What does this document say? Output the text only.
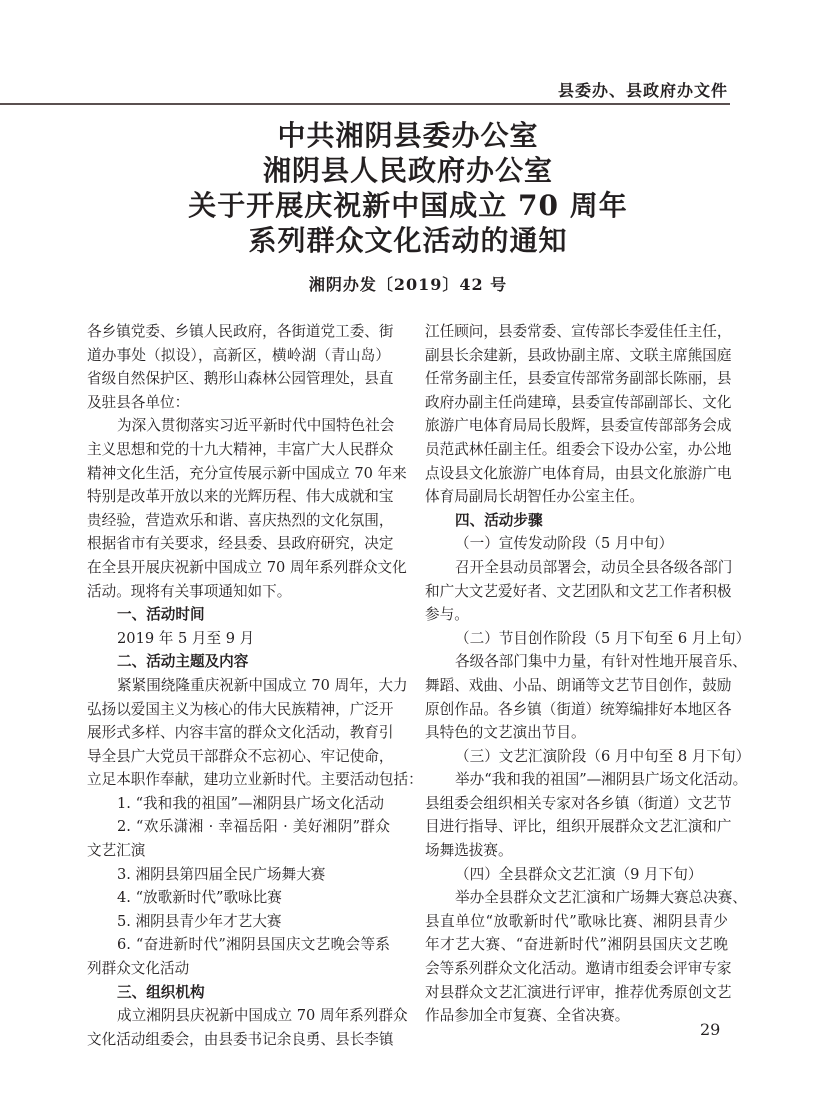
县委办、县政府办文件
中共湘阴县委办公室
湘阴县人民政府办公室
关于开展庆祝新中国成立 70 周年
系列群众文化活动的通知
湘阴办发〔2019〕42 号
各乡镇党委、乡镇人民政府，各街道党工委、街
道办事处（拟设），高新区，横岭湖（青山岛）
省级自然保护区、鹅形山森林公园管理处，县直
及驻县各单位：
为深入贯彻落实习近平新时代中国特色社会
主义思想和党的十九大精神，丰富广大人民群众
精神文化生活，充分宣传展示新中国成立 70 年来
特别是改革开放以来的光辉历程、伟大成就和宝
贵经验，营造欢乐和谐、喜庆热烈的文化氛围，
根据省市有关要求，经县委、县政府研究，决定
在全县开展庆祝新中国成立 70 周年系列群众文化
活动。现将有关事项通知如下。
一、活动时间
2019 年 5 月至 9 月
二、活动主题及内容
紧紧围绕隆重庆祝新中国成立 70 周年，大力
弘扬以爱国主义为核心的伟大民族精神，广泛开
展形式多样、内容丰富的群众文化活动，教育引
导全县广大党员干部群众不忘初心、牢记使命，
立足本职作奉献，建功立业新时代。主要活动包括：
1. “我和我的祖国”—湘阴县广场文化活动
2. “欢乐潇湘 · 幸福岳阳 · 美好湘阴”群众
文艺汇演
3. 湘阴县第四届全民广场舞大赛
4. “放歌新时代”歌咏比赛
5. 湘阴县青少年才艺大赛
6. “奋进新时代”湘阴县国庆文艺晚会等系
列群众文化活动
三、组织机构
成立湘阴县庆祝新中国成立 70 周年系列群众
文化活动组委会，由县委书记余良勇、县长李镇
江任顾问，县委常委、宣传部长李爱佳任主任，
副县长余建新，县政协副主席、文联主席熊国庭
任常务副主任，县委宣传部常务副部长陈丽，县
政府办副主任尚建璋，县委宣传部副部长、文化
旅游广电体育局局长殷辉，县委宣传部部务会成
员范武林任副主任。组委会下设办公室，办公地
点设县文化旅游广电体育局，由县文化旅游广电
体育局副局长胡智任办公室主任。
四、活动步骤
（一）宣传发动阶段（5 月中旬）
召开全县动员部署会，动员全县各级各部门
和广大文艺爱好者、文艺团队和文艺工作者积极
参与。
（二）节目创作阶段（5 月下旬至 6 月上旬）
各级各部门集中力量，有针对性地开展音乐、
舞蹈、戏曲、小品、朗诵等文艺节目创作，鼓励
原创作品。各乡镇（街道）统筹编排好本地区各
具特色的文艺演出节目。
（三）文艺汇演阶段（6 月中旬至 8 月下旬）
举办“我和我的祖国”—湘阴县广场文化活动。
县组委会组织相关专家对各乡镇（街道）文艺节
目进行指导、评比，组织开展群众文艺汇演和广
场舞选拔赛。
（四）全县群众文艺汇演（9 月下旬）
举办全县群众文艺汇演和广场舞大赛总决赛、
县直单位“放歌新时代”歌咏比赛、湘阴县青少
年才艺大赛、“奋进新时代”湘阴县国庆文艺晚
会等系列群众文化活动。邀请市组委会评审专家
对县群众文艺汇演进行评审，推荐优秀原创文艺
作品参加全市复赛、全省决赛。
29
